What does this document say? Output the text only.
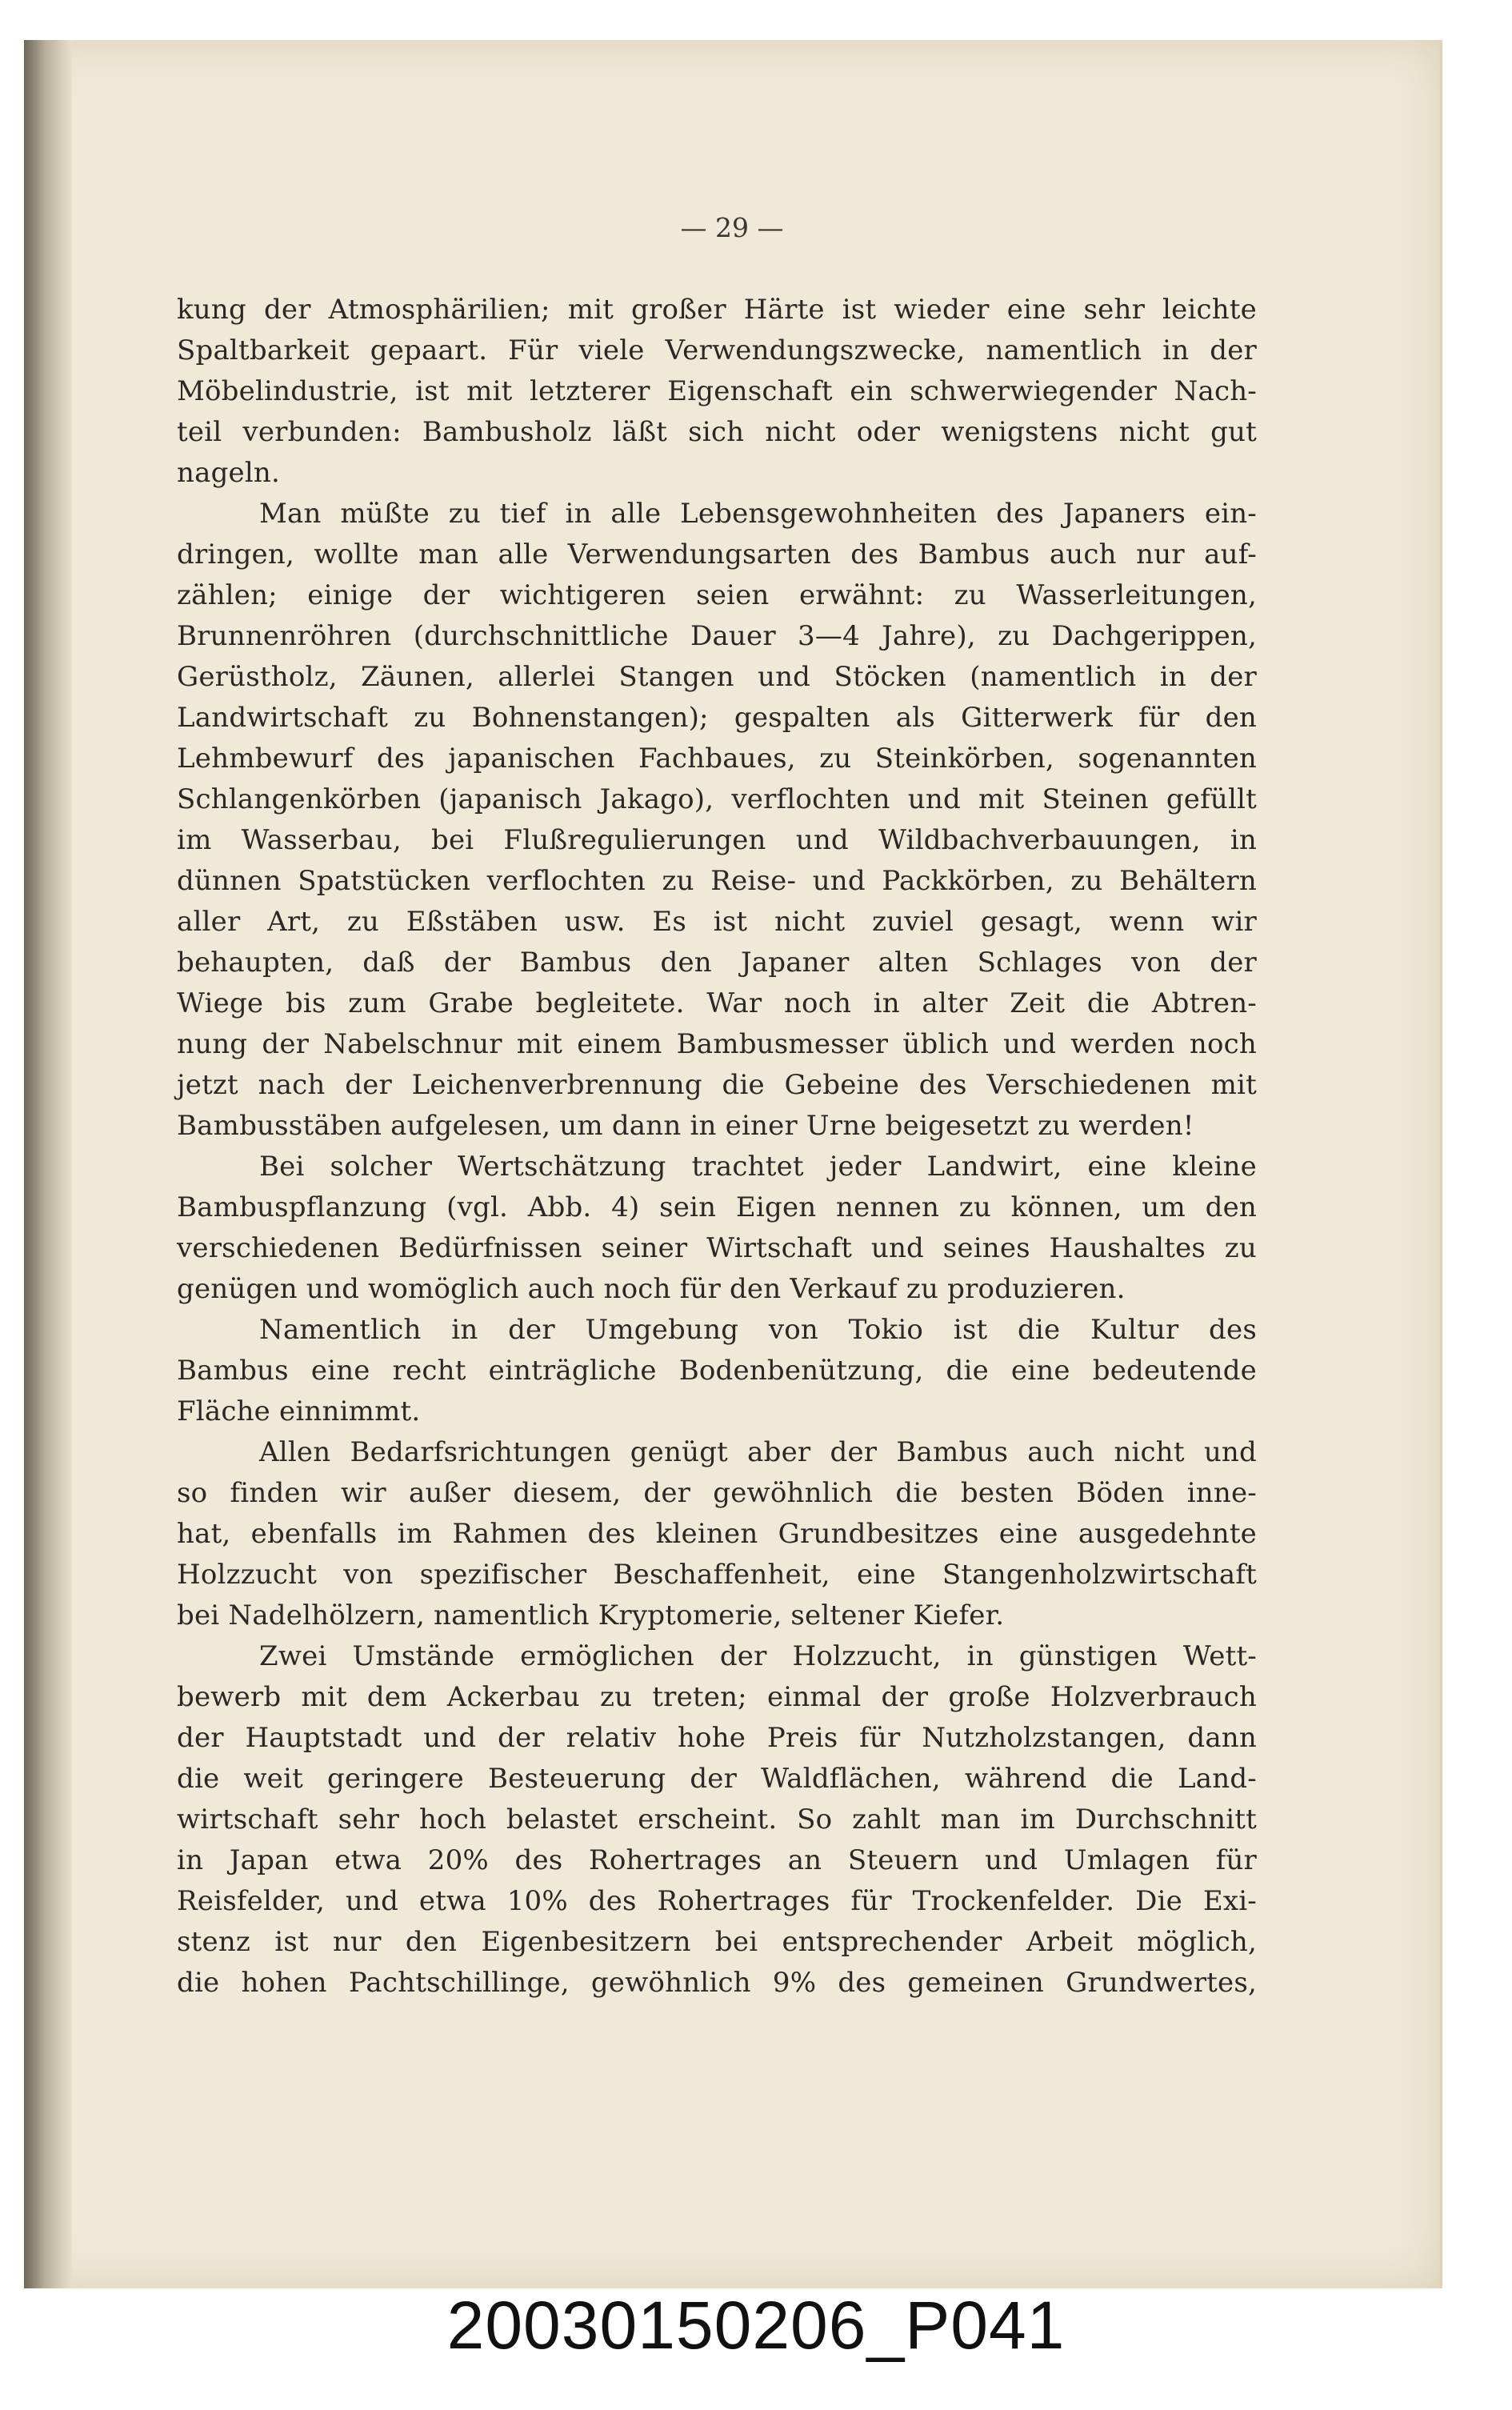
— 29 —
kung der Atmosphärilien; mit großer Härte ist wieder eine sehr leichte
Spaltbarkeit gepaart. Für viele Verwendungszwecke, namentlich in der
Möbelindustrie, ist mit letzterer Eigenschaft ein schwerwiegender Nach-
teil verbunden: Bambusholz läßt sich nicht oder wenigstens nicht gut
nageln.
Man müßte zu tief in alle Lebensgewohnheiten des Japaners ein-
dringen, wollte man alle Verwendungsarten des Bambus auch nur auf-
zählen; einige der wichtigeren seien erwähnt: zu Wasserleitungen,
Brunnenröhren (durchschnittliche Dauer 3—4 Jahre), zu Dachgerippen,
Gerüstholz, Zäunen, allerlei Stangen und Stöcken (namentlich in der
Landwirtschaft zu Bohnenstangen); gespalten als Gitterwerk für den
Lehmbewurf des japanischen Fachbaues, zu Steinkörben, sogenannten
Schlangenkörben (japanisch Jakago), verflochten und mit Steinen gefüllt
im Wasserbau, bei Flußregulierungen und Wildbachverbauungen, in
dünnen Spatstücken verflochten zu Reise- und Packkörben, zu Behältern
aller Art, zu Eßstäben usw. Es ist nicht zuviel gesagt, wenn wir
behaupten, daß der Bambus den Japaner alten Schlages von der
Wiege bis zum Grabe begleitete. War noch in alter Zeit die Abtren-
nung der Nabelschnur mit einem Bambusmesser üblich und werden noch
jetzt nach der Leichenverbrennung die Gebeine des Verschiedenen mit
Bambusstäben aufgelesen, um dann in einer Urne beigesetzt zu werden!
Bei solcher Wertschätzung trachtet jeder Landwirt, eine kleine
Bambuspflanzung (vgl. Abb. 4) sein Eigen nennen zu können, um den
verschiedenen Bedürfnissen seiner Wirtschaft und seines Haushaltes zu
genügen und womöglich auch noch für den Verkauf zu produzieren.
Namentlich in der Umgebung von Tokio ist die Kultur des
Bambus eine recht einträgliche Bodenbenützung, die eine bedeutende
Fläche einnimmt.
Allen Bedarfsrichtungen genügt aber der Bambus auch nicht und
so finden wir außer diesem, der gewöhnlich die besten Böden inne-
hat, ebenfalls im Rahmen des kleinen Grundbesitzes eine ausgedehnte
Holzzucht von spezifischer Beschaffenheit, eine Stangenholzwirtschaft
bei Nadelhölzern, namentlich Kryptomerie, seltener Kiefer.
Zwei Umstände ermöglichen der Holzzucht, in günstigen Wett-
bewerb mit dem Ackerbau zu treten; einmal der große Holzverbrauch
der Hauptstadt und der relativ hohe Preis für Nutzholzstangen, dann
die weit geringere Besteuerung der Waldflächen, während die Land-
wirtschaft sehr hoch belastet erscheint. So zahlt man im Durchschnitt
in Japan etwa 20% des Rohertrages an Steuern und Umlagen für
Reisfelder, und etwa 10% des Rohertrages für Trockenfelder. Die Exi-
stenz ist nur den Eigenbesitzern bei entsprechender Arbeit möglich,
die hohen Pachtschillinge, gewöhnlich 9% des gemeinen Grundwertes,
20030150206_P041
